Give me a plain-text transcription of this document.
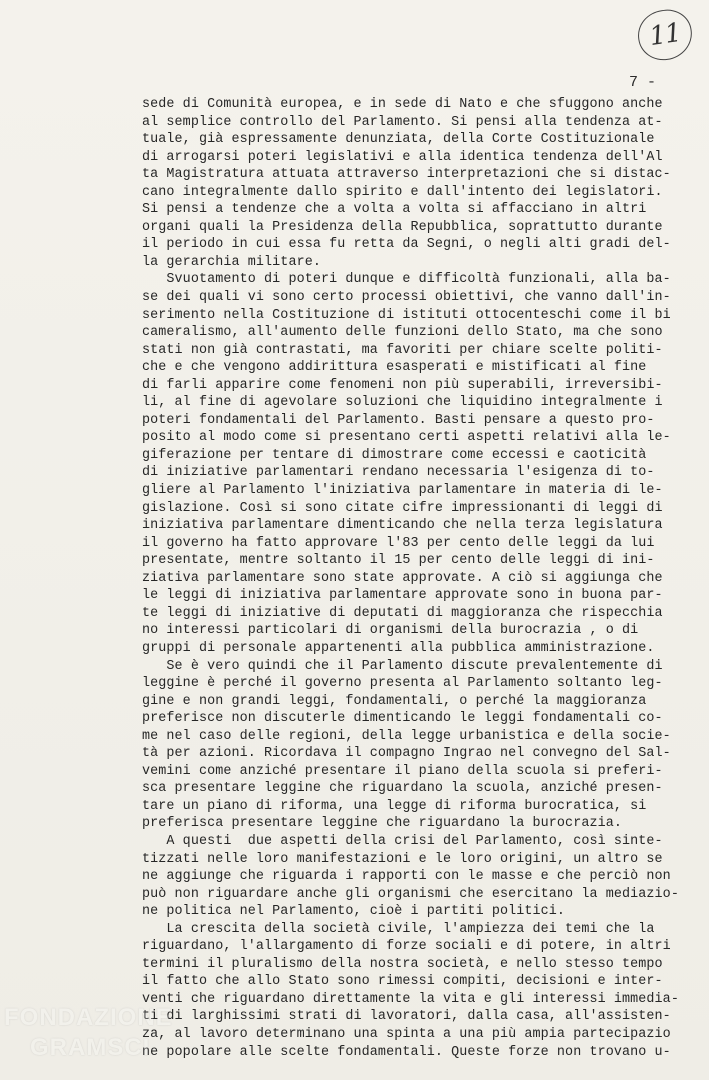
11
7 -
sede di Comunità europea, e in sede di Nato e che sfuggono anche
al semplice controllo del Parlamento. Si pensi alla tendenza at-
tuale, già espressamente denunziata, della Corte Costituzionale
di arrogarsi poteri legislativi e alla identica tendenza dell'Al
ta Magistratura attuata attraverso interpretazioni che si distac-
cano integralmente dallo spirito e dall'intento dei legislatori.
Si pensi a tendenze che a volta a volta si affacciano in altri
organi quali la Presidenza della Repubblica, soprattutto durante
il periodo in cui essa fu retta da Segni, o negli alti gradi del-
la gerarchia militare.
Svuotamento di poteri dunque e difficoltà funzionali, alla ba-
se dei quali vi sono certo processi obiettivi, che vanno dall'in-
serimento nella Costituzione di istituti ottocenteschi come il bi
cameralismo, all'aumento delle funzioni dello Stato, ma che sono
stati non già contrastati, ma favoriti per chiare scelte politi-
che e che vengono addirittura esasperati e mistificati al fine
di farli apparire come fenomeni non più superabili, irreversibi-
li, al fine di agevolare soluzioni che liquidino integralmente i
poteri fondamentali del Parlamento. Basti pensare a questo pro-
posito al modo come si presentano certi aspetti relativi alla le-
giferazione per tentare di dimostrare come eccessi e caoticità
di iniziative parlamentari rendano necessaria l'esigenza di to-
gliere al Parlamento l'iniziativa parlamentare in materia di le-
gislazione. Così si sono citate cifre impressionanti di leggi di
iniziativa parlamentare dimenticando che nella terza legislatura
il governo ha fatto approvare l'83 per cento delle leggi da lui
presentate, mentre soltanto il 15 per cento delle leggi di ini-
ziativa parlamentare sono state approvate. A ciò si aggiunga che
le leggi di iniziativa parlamentare approvate sono in buona par-
te leggi di iniziative di deputati di maggioranza che rispecchia
no interessi particolari di organismi della burocrazia , o di
gruppi di personale appartenenti alla pubblica amministrazione.
Se è vero quindi che il Parlamento discute prevalentemente di
leggine è perché il governo presenta al Parlamento soltanto leg-
gine e non grandi leggi, fondamentali, o perché la maggioranza
preferisce non discuterle dimenticando le leggi fondamentali co-
me nel caso delle regioni, della legge urbanistica e della socie-
tà per azioni. Ricordava il compagno Ingrao nel convegno del Sal-
vemini come anziché presentare il piano della scuola si preferi-
sca presentare leggine che riguardano la scuola, anziché presen-
tare un piano di riforma, una legge di riforma burocratica, si
preferisca presentare leggine che riguardano la burocrazia.
A questi  due aspetti della crisi del Parlamento, così sinte-
tizzati nelle loro manifestazioni e le loro origini, un altro se
ne aggiunge che riguarda i rapporti con le masse e che perciò non
può non riguardare anche gli organismi che esercitano la mediazio-
ne politica nel Parlamento, cioè i partiti politici.
La crescita della società civile, l'ampiezza dei temi che la
riguardano, l'allargamento di forze sociali e di potere, in altri
termini il pluralismo della nostra società, e nello stesso tempo
il fatto che allo Stato sono rimessi compiti, decisioni e inter-
venti che riguardano direttamente la vita e gli interessi immedia-
ti di larghissimi strati di lavoratori, dalla casa, all'assisten-
za, al lavoro determinano una spinta a una più ampia partecipazio
ne popolare alle scelte fondamentali. Queste forze non trovano u-
FONDAZIONE
GRAMSCI
